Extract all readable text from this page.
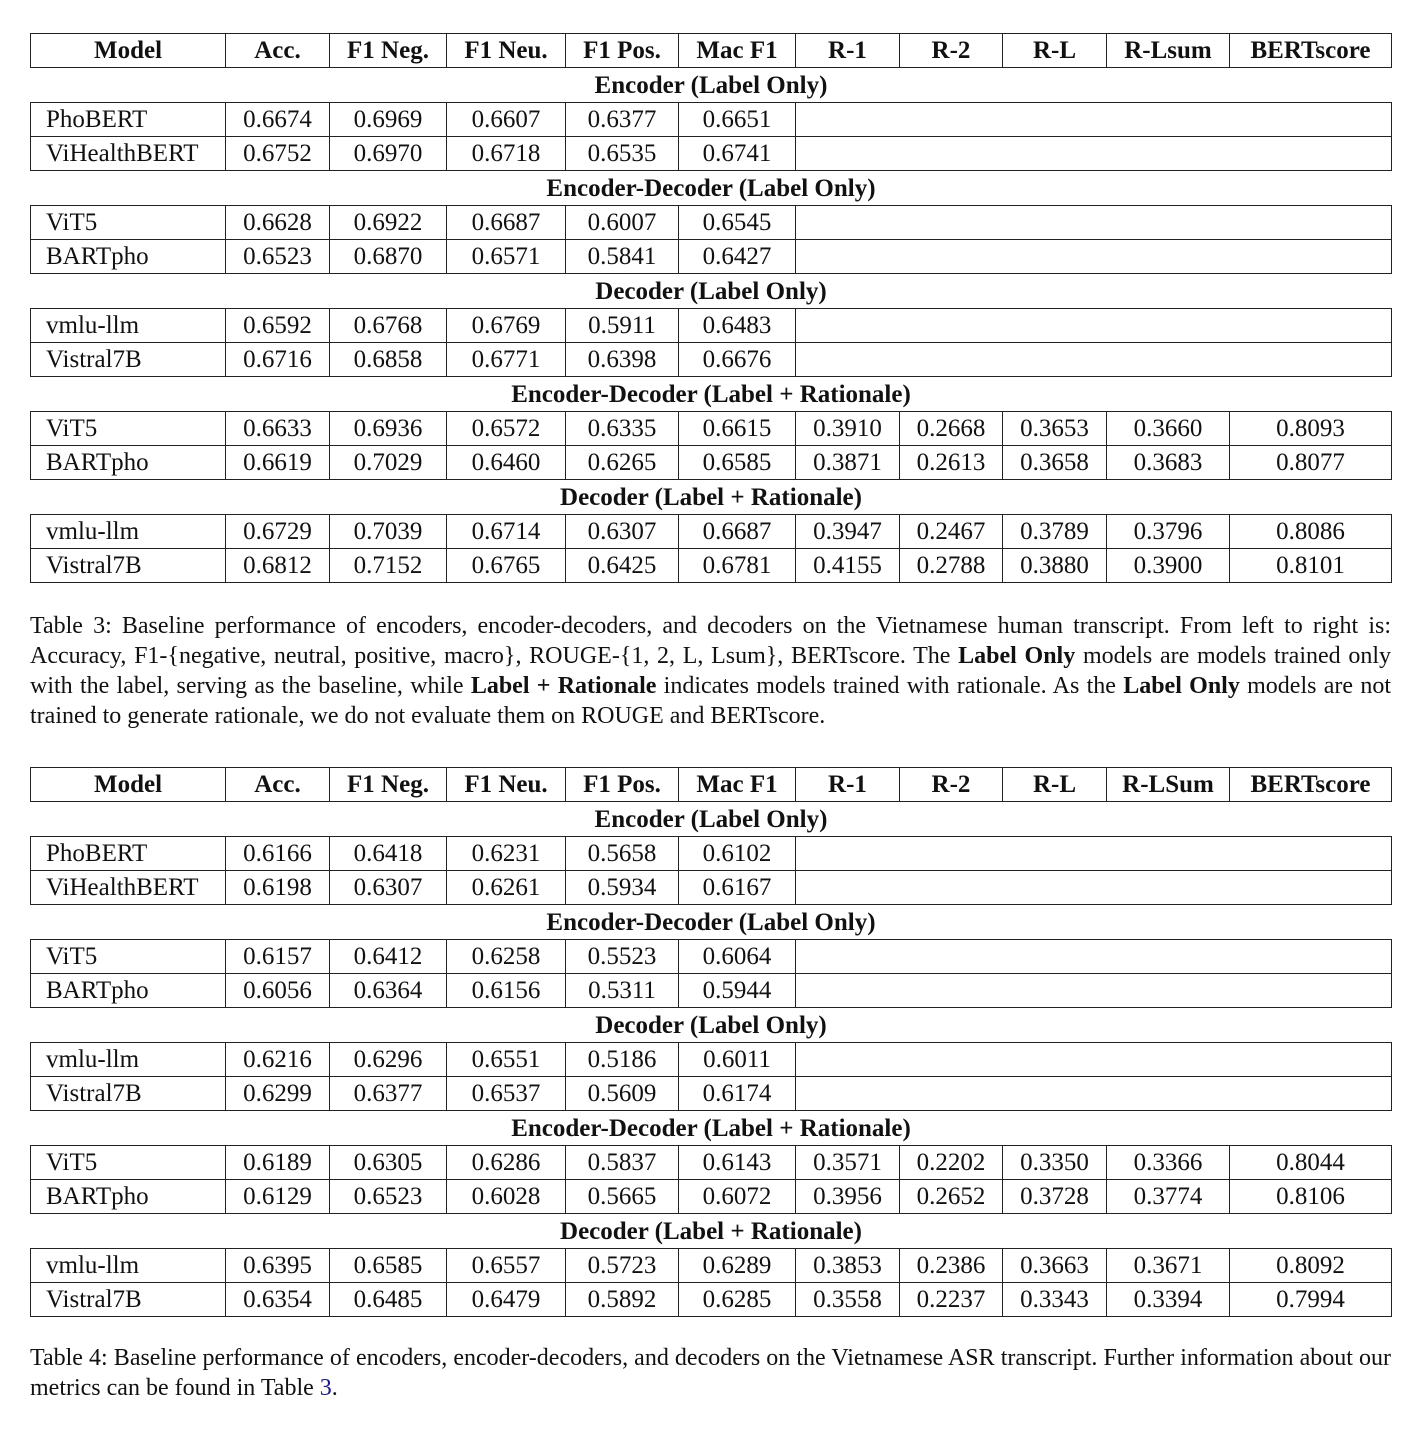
Model	Acc.	F1 Neg.	F1 Neu.	F1 Pos.	Mac F1	R-1	R-2	R-L	R-Lsum	BERTscore
Encoder (Label Only)										
PhoBERT	0.6674	0.6969	0.6607	0.6377	0.6651					
ViHealthBERT	0.6752	0.6970	0.6718	0.6535	0.6741					
Encoder-Decoder (Label Only)										
ViT5	0.6628	0.6922	0.6687	0.6007	0.6545					
BARTpho	0.6523	0.6870	0.6571	0.5841	0.6427					
Decoder (Label Only)										
vmlu-llm	0.6592	0.6768	0.6769	0.5911	0.6483					
Vistral7B	0.6716	0.6858	0.6771	0.6398	0.6676					
Encoder-Decoder (Label + Rationale)										
ViT5	0.6633	0.6936	0.6572	0.6335	0.6615	0.3910	0.2668	0.3653	0.3660	0.8093
BARTpho	0.6619	0.7029	0.6460	0.6265	0.6585	0.3871	0.2613	0.3658	0.3683	0.8077
Decoder (Label + Rationale)										
vmlu-llm	0.6729	0.7039	0.6714	0.6307	0.6687	0.3947	0.2467	0.3789	0.3796	0.8086
Vistral7B	0.6812	0.7152	0.6765	0.6425	0.6781	0.4155	0.2788	0.3880	0.3900	0.8101
Table 3: Baseline performance of encoders, encoder-decoders, and decoders on the Vietnamese human transcript. From left to right is: Accuracy, F1-{negative, neutral, positive, macro}, ROUGE-{1, 2, L, Lsum}, BERTscore. The Label Only models are models trained only with the label, serving as the baseline, while Label + Rationale indicates models trained with rationale. As the Label Only models are not trained to generate rationale, we do not evaluate them on ROUGE and BERTscore.
Model	Acc.	F1 Neg.	F1 Neu.	F1 Pos.	Mac F1	R-1	R-2	R-L	R-LSum	BERTscore
Encoder (Label Only)										
PhoBERT	0.6166	0.6418	0.6231	0.5658	0.6102					
ViHealthBERT	0.6198	0.6307	0.6261	0.5934	0.6167					
Encoder-Decoder (Label Only)										
ViT5	0.6157	0.6412	0.6258	0.5523	0.6064					
BARTpho	0.6056	0.6364	0.6156	0.5311	0.5944					
Decoder (Label Only)										
vmlu-llm	0.6216	0.6296	0.6551	0.5186	0.6011					
Vistral7B	0.6299	0.6377	0.6537	0.5609	0.6174					
Encoder-Decoder (Label + Rationale)										
ViT5	0.6189	0.6305	0.6286	0.5837	0.6143	0.3571	0.2202	0.3350	0.3366	0.8044
BARTpho	0.6129	0.6523	0.6028	0.5665	0.6072	0.3956	0.2652	0.3728	0.3774	0.8106
Decoder (Label + Rationale)										
vmlu-llm	0.6395	0.6585	0.6557	0.5723	0.6289	0.3853	0.2386	0.3663	0.3671	0.8092
Vistral7B	0.6354	0.6485	0.6479	0.5892	0.6285	0.3558	0.2237	0.3343	0.3394	0.7994
Table 4: Baseline performance of encoders, encoder-decoders, and decoders on the Vietnamese ASR transcript. Further information about our metrics can be found in Table 3.
